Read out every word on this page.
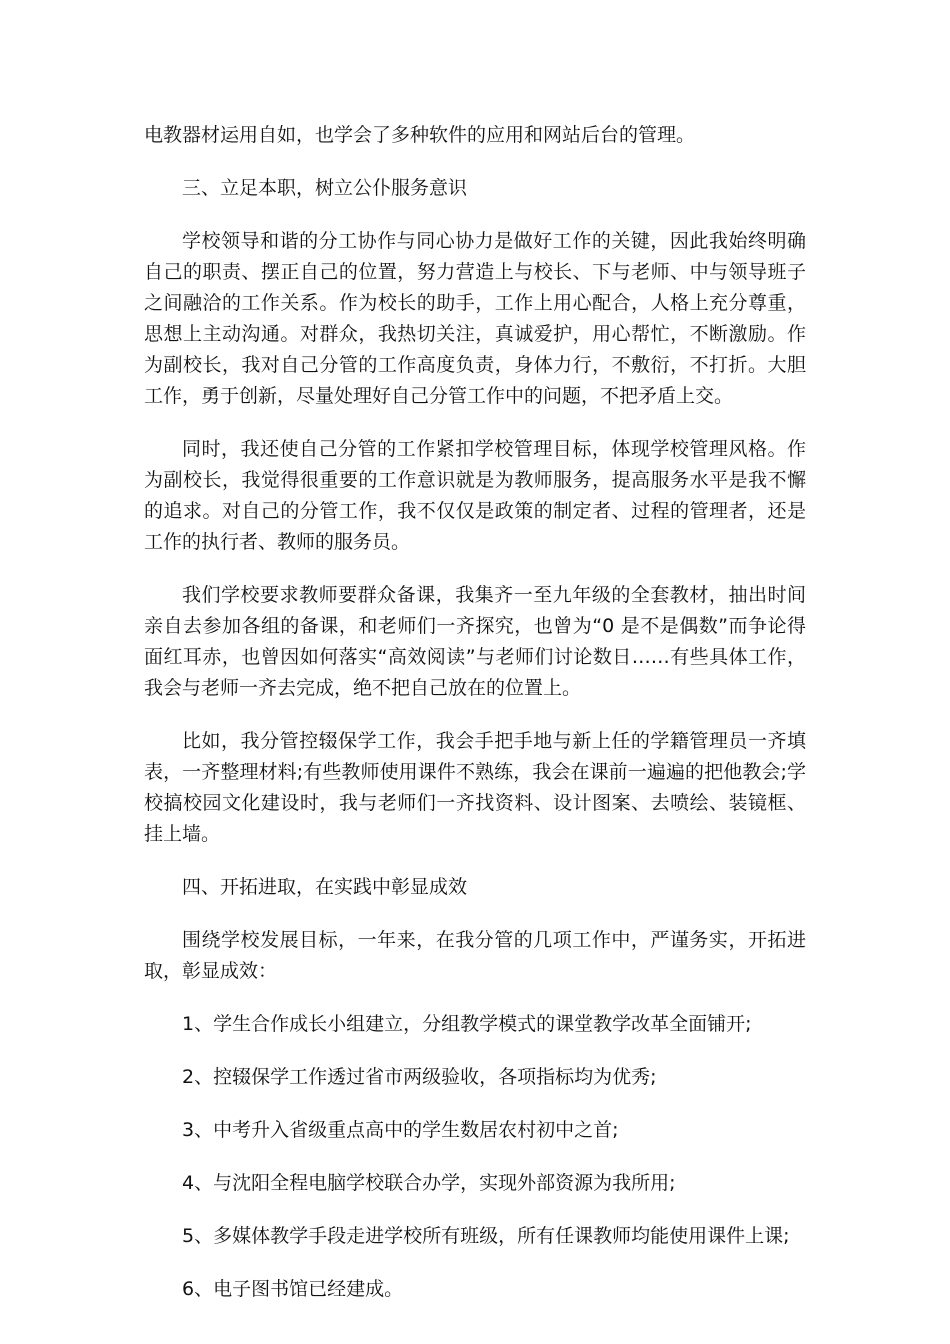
电教器材运用自如，也学会了多种软件的应用和网站后台的管理。

三、立足本职，树立公仆服务意识

学校领导和谐的分工协作与同心协力是做好工作的关键，因此我始终明确自己的职责、摆正自己的位置，努力营造上与校长、下与老师、中与领导班子之间融洽的工作关系。作为校长的助手，工作上用心配合，人格上充分尊重，思想上主动沟通。对群众，我热切关注，真诚爱护，用心帮忙，不断激励。作为副校长，我对自己分管的工作高度负责，身体力行，不敷衍，不打折。大胆工作，勇于创新，尽量处理好自己分管工作中的问题，不把矛盾上交。

同时，我还使自己分管的工作紧扣学校管理目标，体现学校管理风格。作为副校长，我觉得很重要的工作意识就是为教师服务，提高服务水平是我不懈的追求。对自己的分管工作，我不仅仅是政策的制定者、过程的管理者，还是工作的执行者、教师的服务员。

我们学校要求教师要群众备课，我集齐一至九年级的全套教材，抽出时间亲自去参加各组的备课，和老师们一齐探究，也曾为“0 是不是偶数”而争论得面红耳赤，也曾因如何落实“高效阅读”与老师们讨论数日……有些具体工作，我会与老师一齐去完成，绝不把自己放在的位置上。

比如，我分管控辍保学工作，我会手把手地与新上任的学籍管理员一齐填表，一齐整理材料;有些教师使用课件不熟练，我会在课前一遍遍的把他教会;学校搞校园文化建设时，我与老师们一齐找资料、设计图案、去喷绘、装镜框、挂上墙。

四、开拓进取，在实践中彰显成效

围绕学校发展目标，一年来，在我分管的几项工作中，严谨务实，开拓进取，彰显成效：

1、学生合作成长小组建立，分组教学模式的课堂教学改革全面铺开;

2、控辍保学工作透过省市两级验收，各项指标均为优秀;

3、中考升入省级重点高中的学生数居农村初中之首;

4、与沈阳全程电脑学校联合办学，实现外部资源为我所用;

5、多媒体教学手段走进学校所有班级，所有任课教师均能使用课件上课;

6、电子图书馆已经建成。
